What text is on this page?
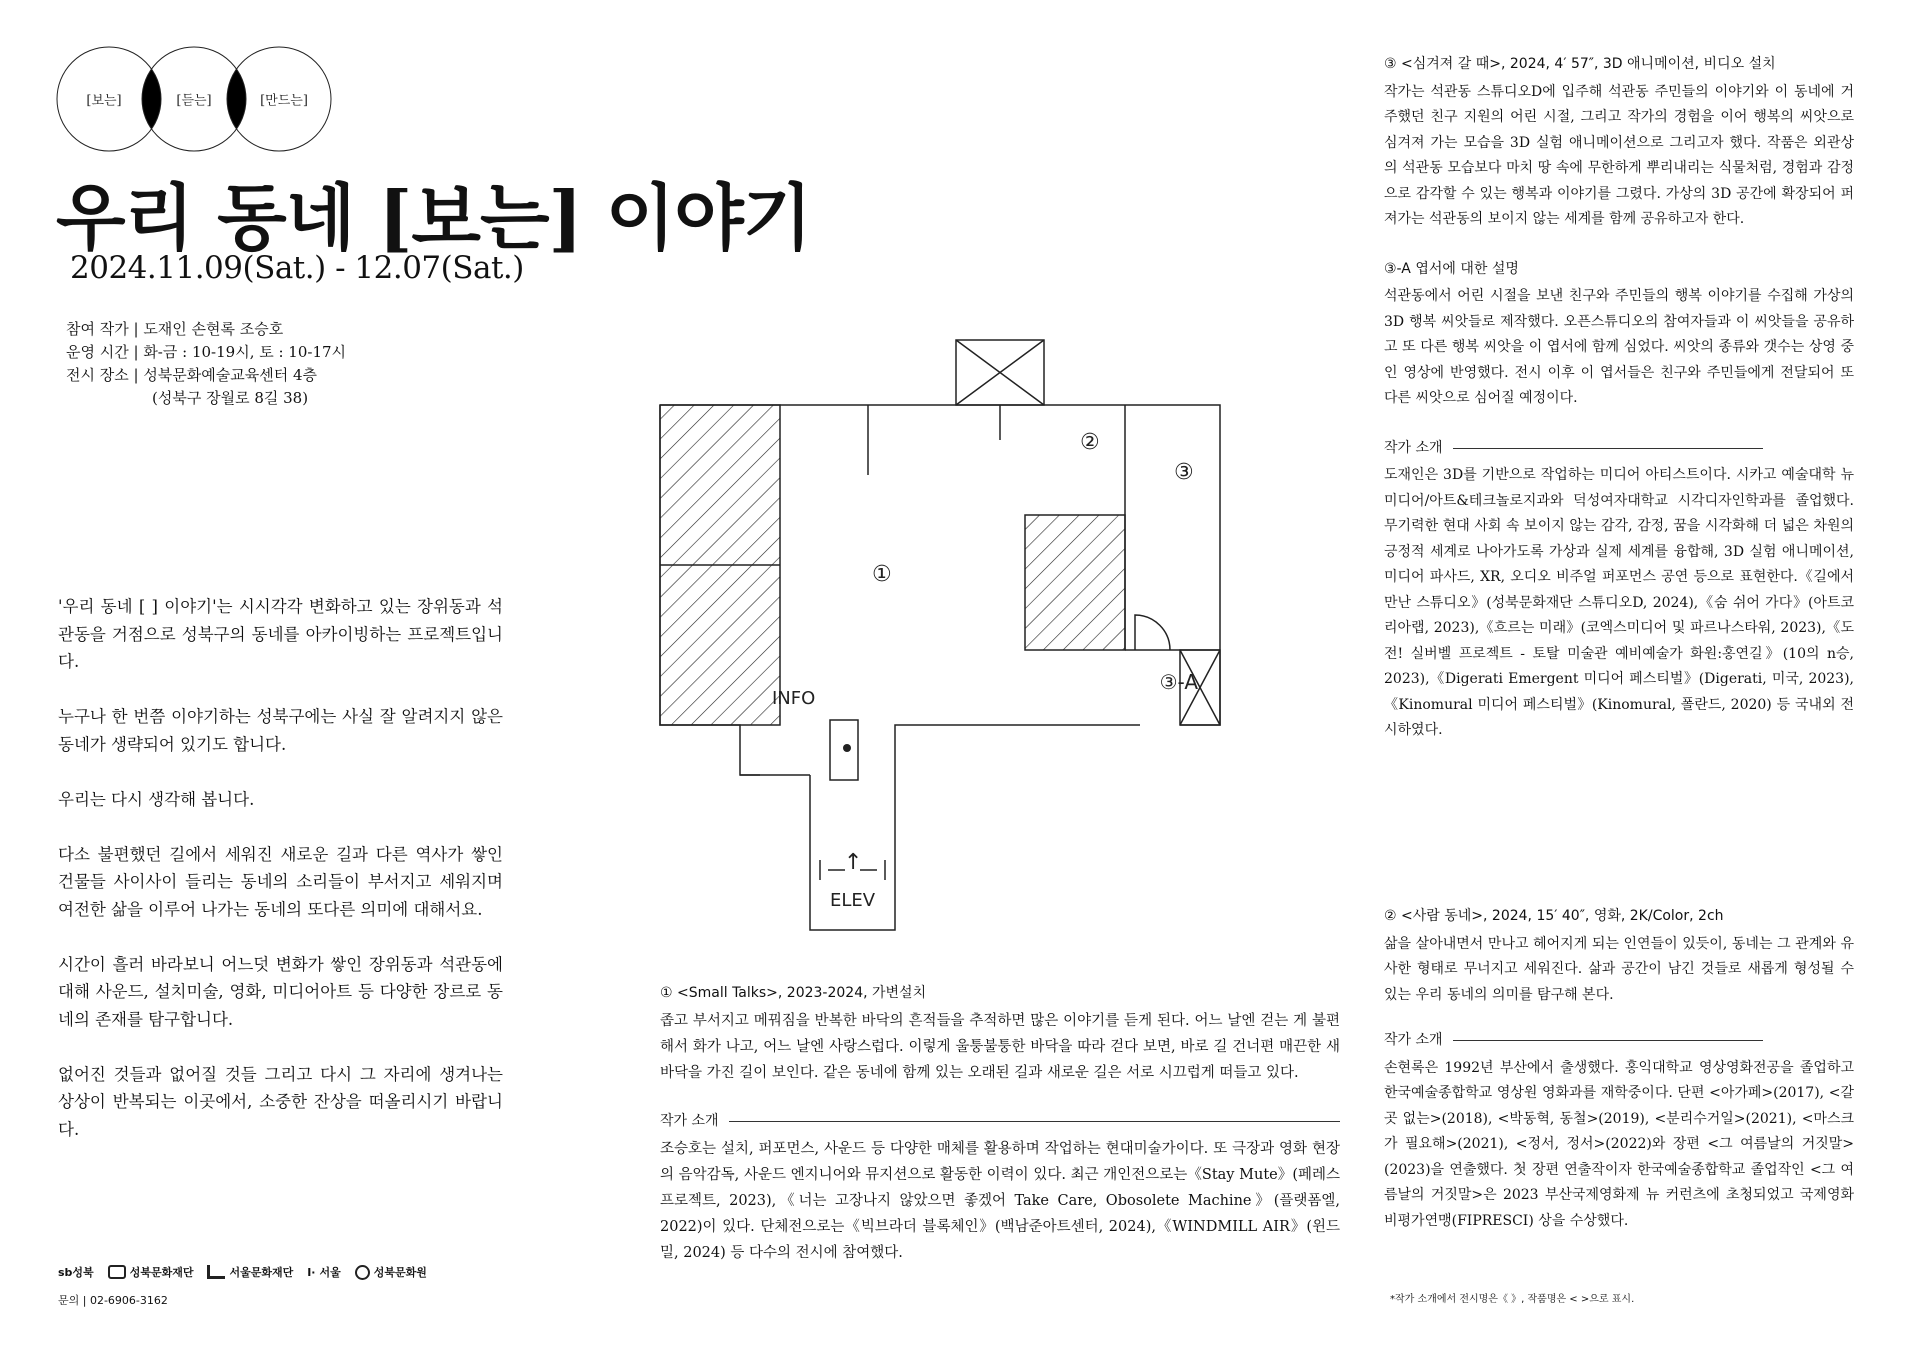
[보는]	[듣는]	[만드는]
우리 동네 [보는] 이야기
2024.11.09(Sat.) - 12.07(Sat.)
참여 작가 | 도재인 손현록 조승호
운영 시간 | 화-금 : 10-19시, 토 : 10-17시
전시 장소 | 성북문화예술교육센터 4층
(성북구 장월로 8길 38)

'우리 동네 [ ] 이야기'는 시시각각 변화하고 있는 장위동과 석관동을 거점으로 성북구의 동네를 아카이빙하는 프로젝트입니다.

누구나 한 번쯤 이야기하는 성북구에는 사실 잘 알려지지 않은 동네가 생략되어 있기도 합니다.

우리는 다시 생각해 봅니다.

다소 불편했던 길에서 세워진 새로운 길과 다른 역사가 쌓인 건물들 사이사이 들리는 동네의 소리들이 부서지고 세워지며 여전한 삶을 이루어 나가는 동네의 또다른 의미에 대해서요.

시간이 흘러 바라보니 어느덧 변화가 쌓인 장위동과 석관동에 대해 사운드, 설치미술, 영화, 미디어아트 등 다양한 장르로 동네의 존재를 탐구합니다.

없어진 것들과 없어질 것들 그리고 다시 그 자리에 생겨나는 상상이 반복되는 이곳에서, 소중한 잔상을 떠올리시기 바랍니다.

sb성북	성북문화재단	서울문화재단 I· 서울	성북문화원
문의 | 02-6906-3162
①
②
③
③-A
INFO
↑
ELEV
① <Small Talks>, 2023-2024, 가변설치

좁고 부서지고 메꿔짐을 반복한 바닥의 흔적들을 추적하면 많은 이야기를 듣게 된다. 어느 날엔 걷는 게 불편해서 화가 나고, 어느 날엔 사랑스럽다. 이렇게 울퉁불퉁한 바닥을 따라 걷다 보면, 바로 길 건너편 매끈한 새 바닥을 가진 길이 보인다. 같은 동네에 함께 있는 오래된 길과 새로운 길은 서로 시끄럽게 떠들고 있다.

작가 소개

조승호는 설치, 퍼포먼스, 사운드 등 다양한 매체를 활용하며 작업하는 현대미술가이다. 또 극장과 영화 현장의 음악감독, 사운드 엔지니어와 뮤지션으로 활동한 이력이 있다. 최근 개인전으로는《Stay Mute》(페레스프로젝트, 2023),《너는 고장나지 않았으면 좋겠어 Take Care, Obosolete Machine》(플랫폼엘, 2022)이 있다. 단체전으로는《빅브라더 블록체인》(백남준아트센터, 2024),《WINDMILL AIR》(윈드밀, 2024) 등 다수의 전시에 참여했다.

③ <심겨져 갈 때>, 2024, 4′ 57″, 3D 애니메이션, 비디오 설치

작가는 석관동 스튜디오D에 입주해 석관동 주민들의 이야기와 이 동네에 거주했던 친구 지원의 어린 시절, 그리고 작가의 경험을 이어 행복의 씨앗으로 심겨져 가는 모습을 3D 실험 애니메이션으로 그리고자 했다. 작품은 외관상의 석관동 모습보다 마치 땅 속에 무한하게 뿌리내리는 식물처럼, 경험과 감정으로 감각할 수 있는 행복과 이야기를 그렸다. 가상의 3D 공간에 확장되어 퍼져가는 석관동의 보이지 않는 세계를 함께 공유하고자 한다.

③-A 엽서에 대한 설명

석관동에서 어린 시절을 보낸 친구와 주민들의 행복 이야기를 수집해 가상의 3D 행복 씨앗들로 제작했다. 오픈스튜디오의 참여자들과 이 씨앗들을 공유하고 또 다른 행복 씨앗을 이 엽서에 함께 심었다. 씨앗의 종류와 갯수는 상영 중인 영상에 반영했다. 전시 이후 이 엽서들은 친구와 주민들에게 전달되어 또 다른 씨앗으로 심어질 예정이다.

작가 소개

도재인은 3D를 기반으로 작업하는 미디어 아티스트이다. 시카고 예술대학 뉴미디어/아트&테크놀로지과와 덕성여자대학교 시각디자인학과를 졸업했다. 무기력한 현대 사회 속 보이지 않는 감각, 감정, 꿈을 시각화해 더 넓은 차원의 긍정적 세계로 나아가도록 가상과 실제 세계를 융합해, 3D 실험 애니메이션, 미디어 파사드, XR, 오디오 비주얼 퍼포먼스 공연 등으로 표현한다.《길에서 만난 스튜디오》(성북문화재단 스튜디오D, 2024),《숨 쉬어 가다》(아트코리아랩, 2023),《흐르는 미래》(코엑스미디어 및 파르나스타워, 2023),《도전! 실버벨 프로젝트 - 토탈 미술관 예비예술가 화원:홍연길》(10의 n승, 2023),《Digerati Emergent 미디어 페스티벌》(Digerati, 미국, 2023),《Kinomural 미디어 페스티벌》(Kinomural, 폴란드, 2020) 등 국내외 전시하였다.

② <사람 동네>, 2024, 15′ 40″, 영화, 2K/Color, 2ch

삶을 살아내면서 만나고 헤어지게 되는 인연들이 있듯이, 동네는 그 관계와 유사한 형태로 무너지고 세워진다. 삶과 공간이 남긴 것들로 새롭게 형성될 수 있는 우리 동네의 의미를 탐구해 본다.

작가 소개

손현록은 1992년 부산에서 출생했다. 홍익대학교 영상영화전공을 졸업하고 한국예술종합학교 영상원 영화과를 재학중이다. 단편 <아가페>(2017), <갈 곳 없는>(2018), <박동혁, 동철>(2019), <분리수거일>(2021), <마스크가 필요해>(2021), <정서, 정서>(2022)와 장편 <그 여름날의 거짓말>(2023)을 연출했다. 첫 장편 연출작이자 한국예술종합학교 졸업작인 <그 여름날의 거짓말>은 2023 부산국제영화제 뉴 커런츠에 초청되었고 국제영화비평가연맹(FIPRESCI) 상을 수상했다.

*작가 소개에서 전시명은《 》, 작품명은 < >으로 표시.
